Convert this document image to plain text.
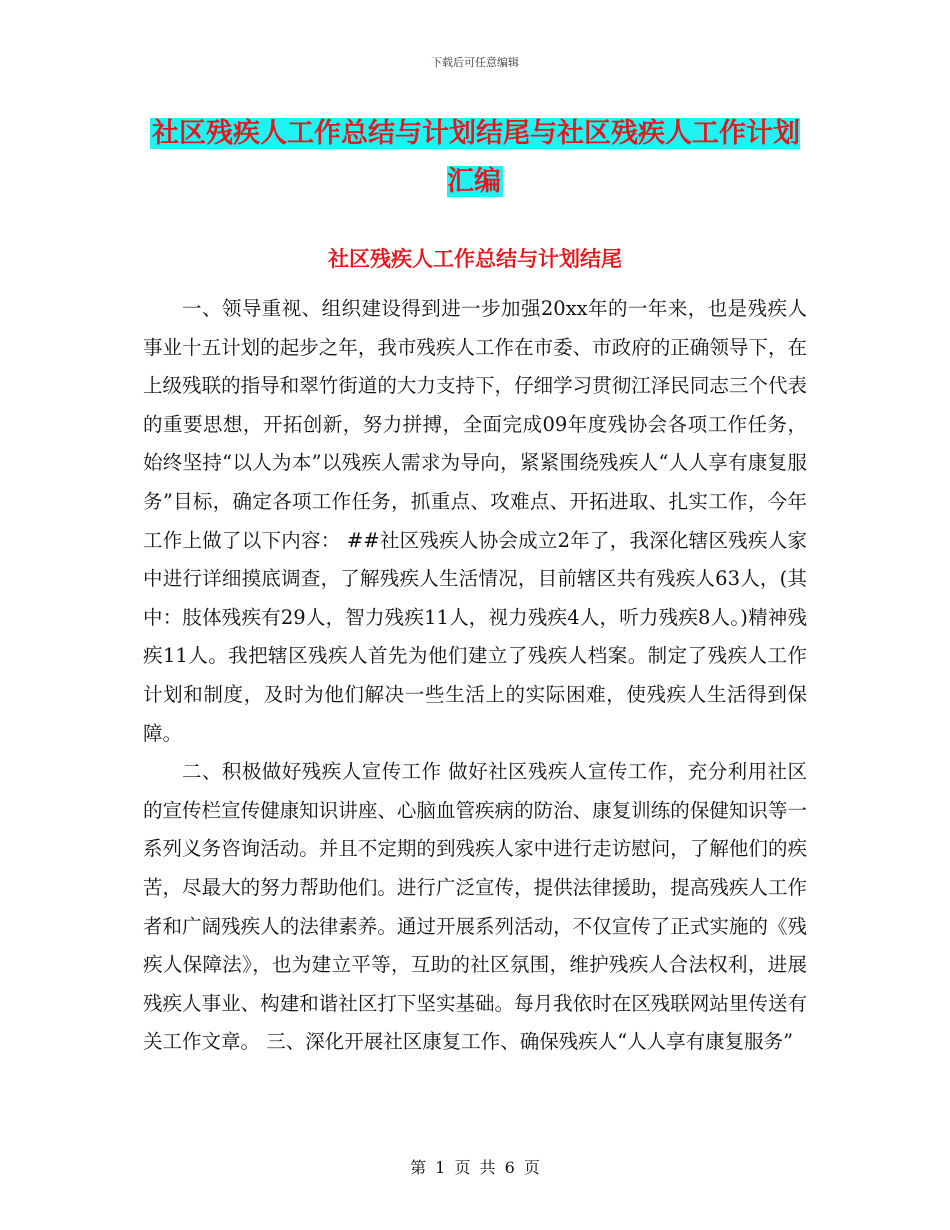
下载后可任意编辑
社区残疾人工作总结与计划结尾与社区残疾人工作计划汇编
社区残疾人工作总结与计划结尾

一、领导重视、组织建设得到进一步加强20xx年的一年来，也是残疾人事业十五计划的起步之年，我市残疾人工作在市委、市政府的正确领导下，在上级残联的指导和翠竹街道的大力支持下，仔细学习贯彻江泽民同志三个代表的重要思想，开拓创新，努力拼搏，全面完成09年度残协会各项工作任务，始终坚持“以人为本”以残疾人需求为导向，紧紧围绕残疾人“人人享有康复服务”目标，确定各项工作任务，抓重点、攻难点、开拓进取、扎实工作，今年工作上做了以下内容： ##社区残疾人协会成立2年了，我深化辖区残疾人家中进行详细摸底调查，了解残疾人生活情况，目前辖区共有残疾人63人，(其中：肢体残疾有29人，智力残疾11人，视力残疾4人，听力残疾8人。)精神残疾11人。我把辖区残疾人首先为他们建立了残疾人档案。制定了残疾人工作计划和制度，及时为他们解决一些生活上的实际困难，使残疾人生活得到保障。

二、积极做好残疾人宣传工作 做好社区残疾人宣传工作，充分利用社区的宣传栏宣传健康知识讲座、心脑血管疾病的防治、康复训练的保健知识等一系列义务咨询活动。并且不定期的到残疾人家中进行走访慰问，了解他们的疾苦，尽最大的努力帮助他们。进行广泛宣传，提供法律援助，提高残疾人工作者和广阔残疾人的法律素养。通过开展系列活动，不仅宣传了正式实施的《残疾人保障法》，也为建立平等，互助的社区氛围，维护残疾人合法权利，进展残疾人事业、构建和谐社区打下坚实基础。每月我依时在区残联网站里传送有关工作文章。 三、深化开展社区康复工作、确保残疾人“人人享有康复服务”

第 1 页 共 6 页
